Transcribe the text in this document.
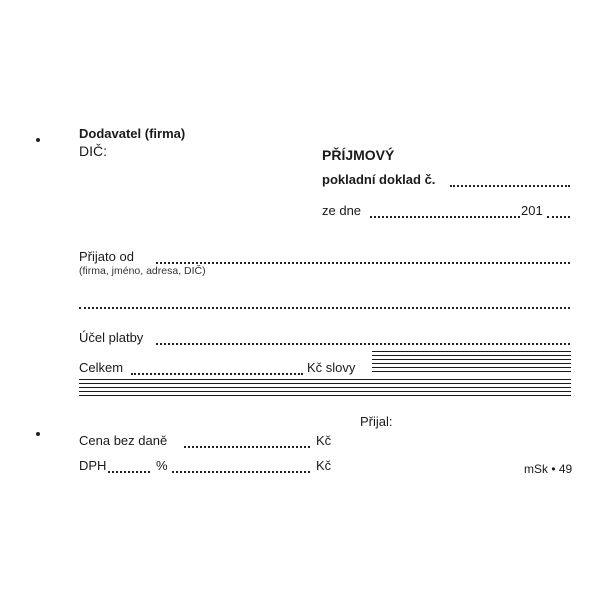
Dodavatel (firma)
DIČ:	PŘÍJMOVÝ
pokladní doklad č.
ze dne	201
Přijato od
(firma, jméno, adresa, DIČ)
Účel platby
Celkem	Kč slovy
Přijal:
Cena bez daně	Kč
DPH	%	Kč	mSk • 49
